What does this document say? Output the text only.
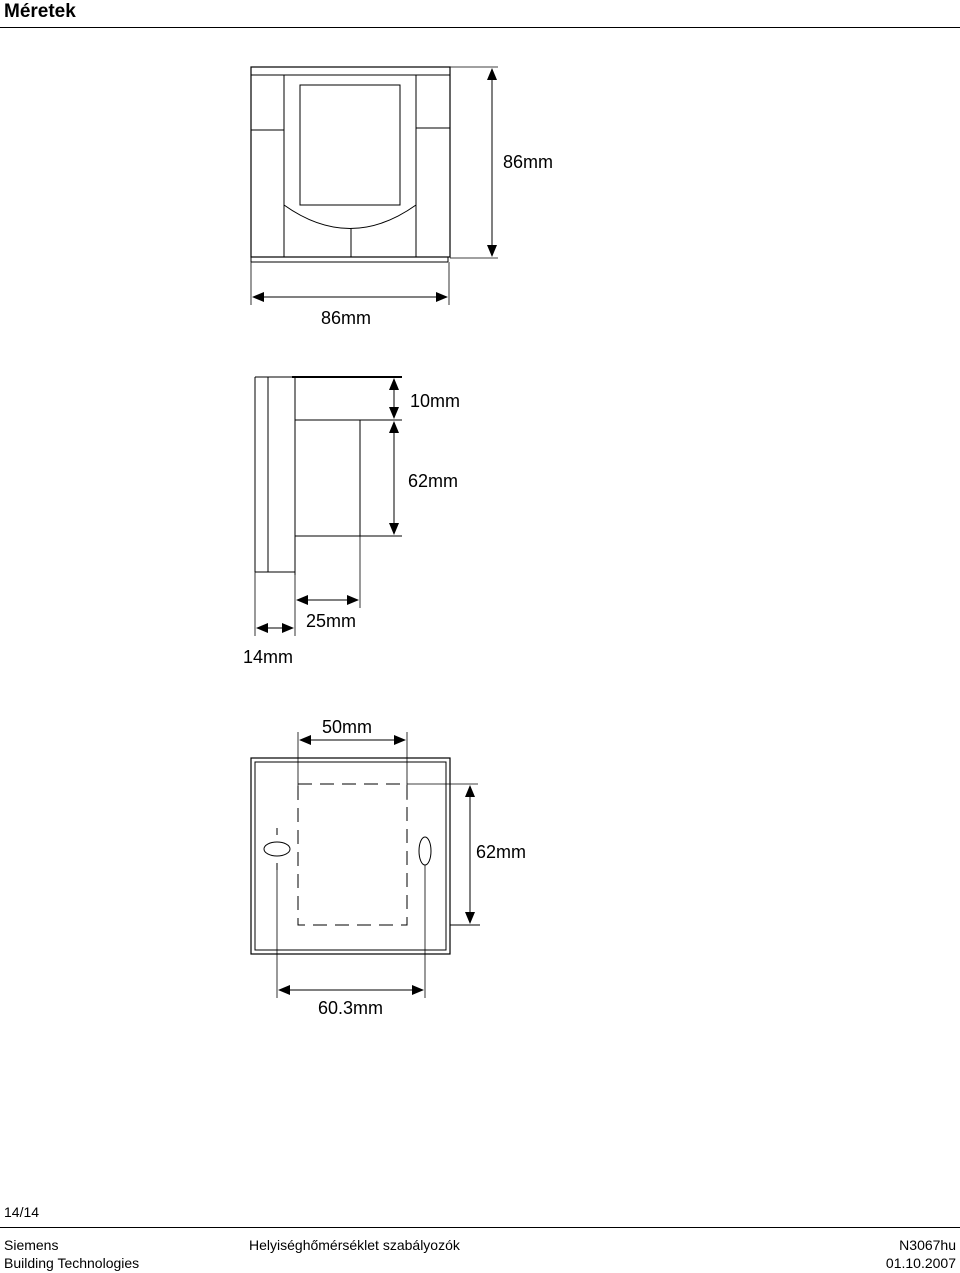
Méretek
86mm
86mm
10mm
62mm
25mm
14mm
50mm
62mm
60.3mm
14/14
Siemens
Building Technologies
Helyiséghőmérséklet szabályozók	N3067hu
01.10.2007
